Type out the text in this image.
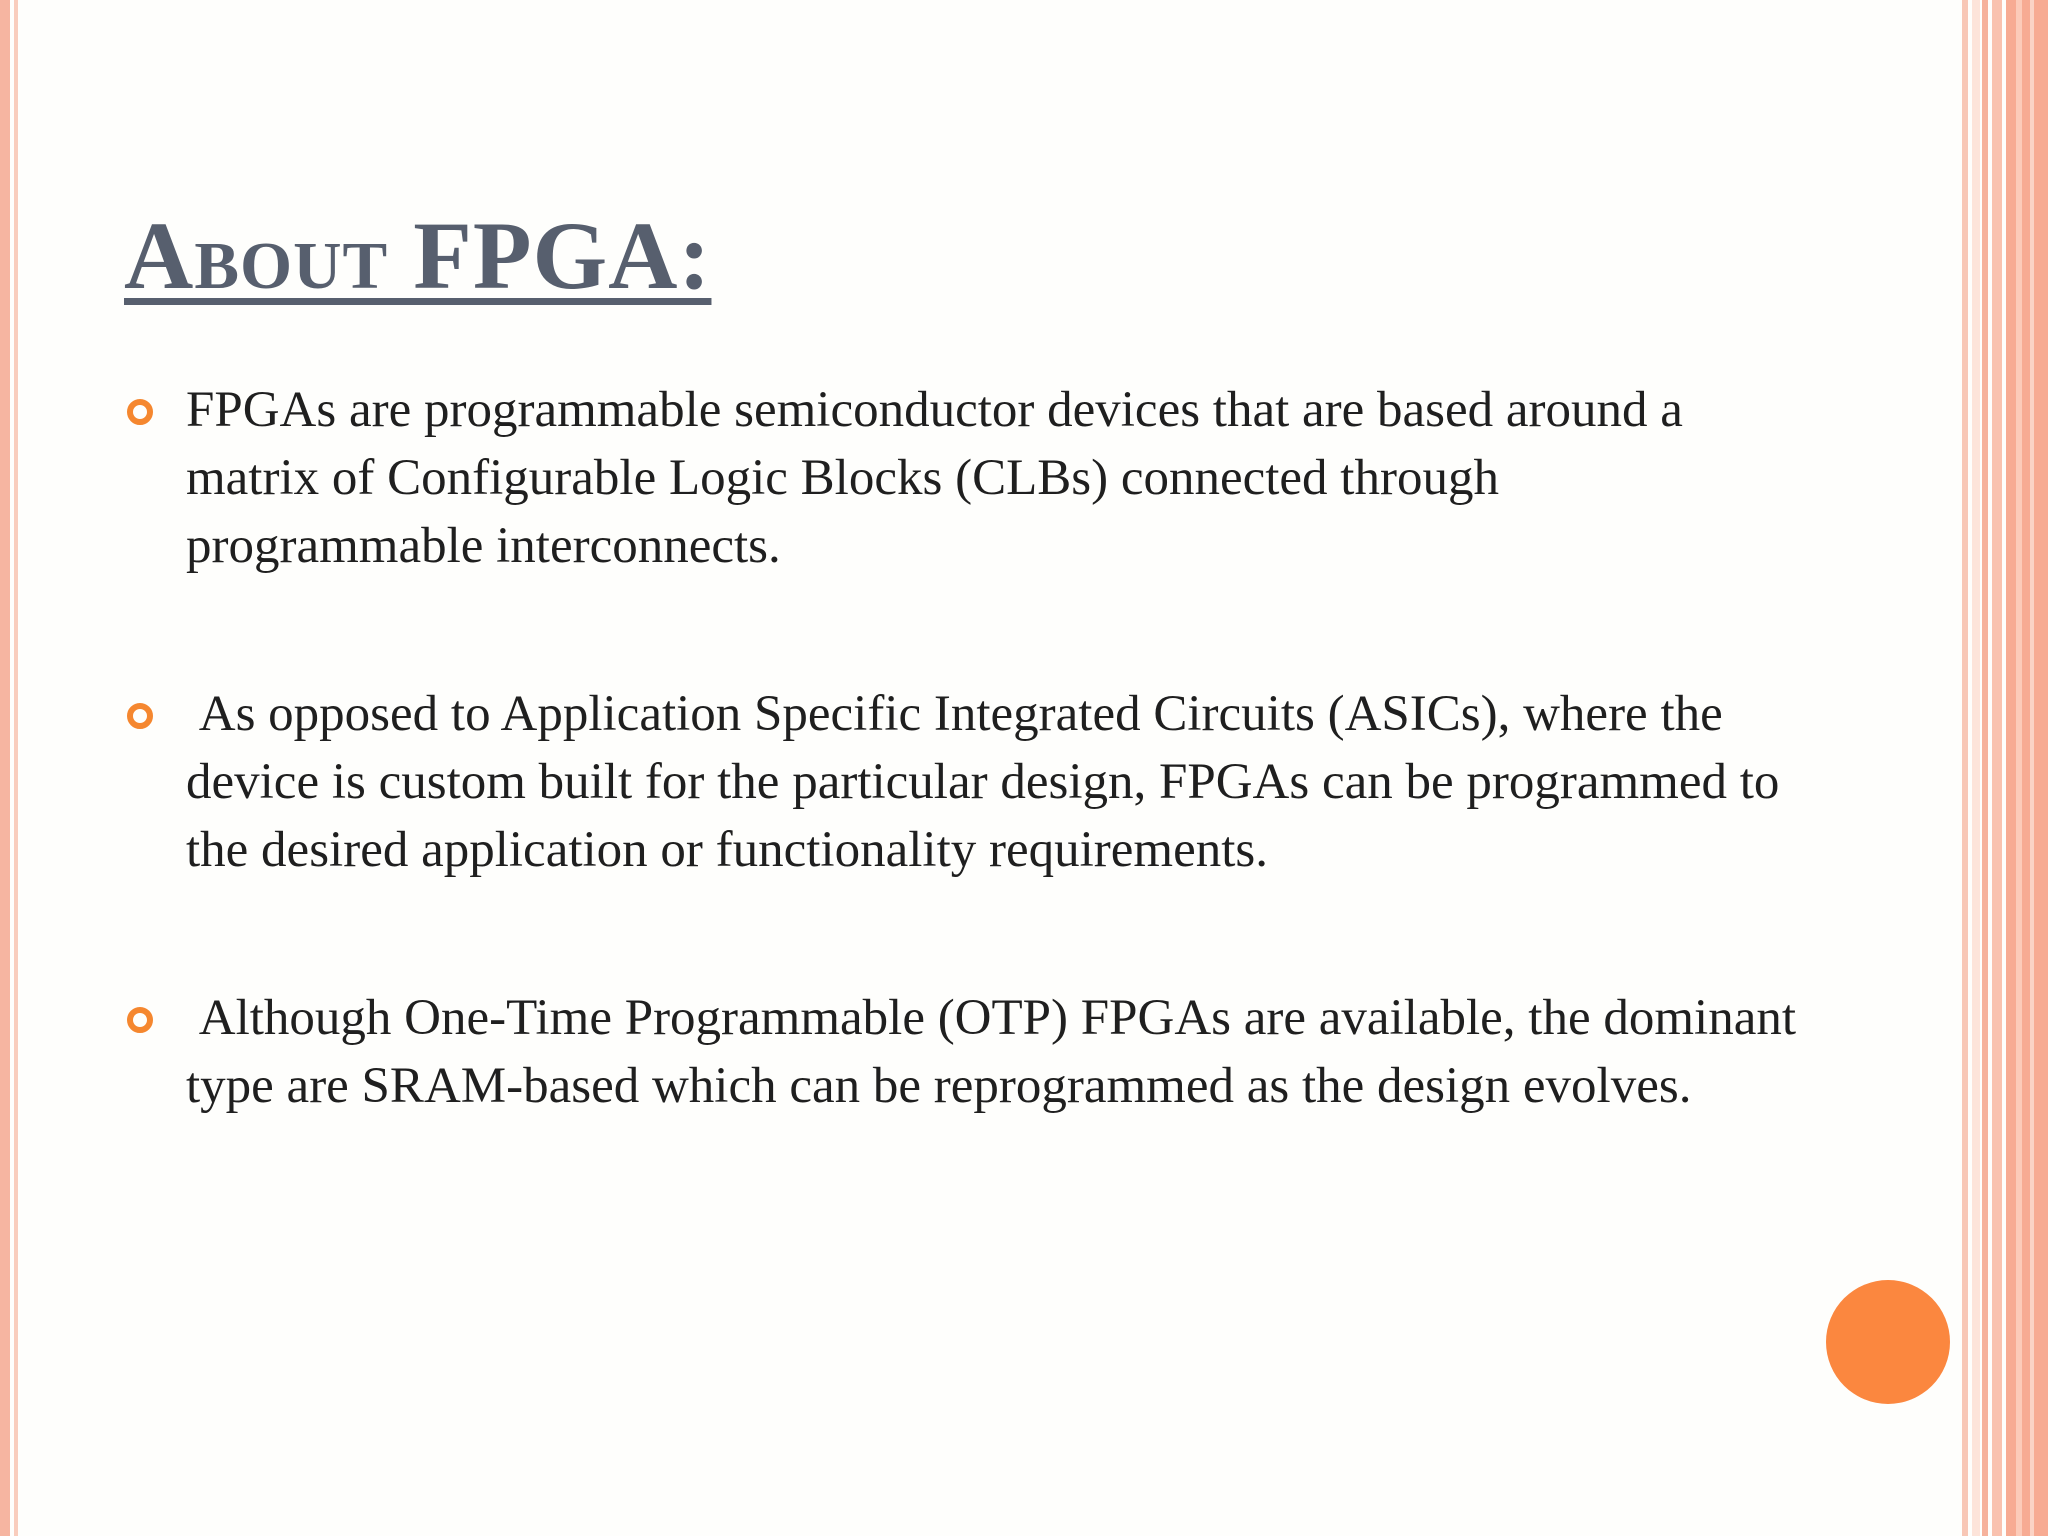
About FPGA:
FPGAs are programmable semiconductor devices that are based around a matrix of Configurable Logic Blocks (CLBs) connected through programmable interconnects.
As opposed to Application Specific Integrated Circuits (ASICs), where the device is custom built for the particular design, FPGAs can be programmed to the desired application or functionality requirements.
Although One-Time Programmable (OTP) FPGAs are available, the dominant type are SRAM-based which can be reprogrammed as the design evolves.
